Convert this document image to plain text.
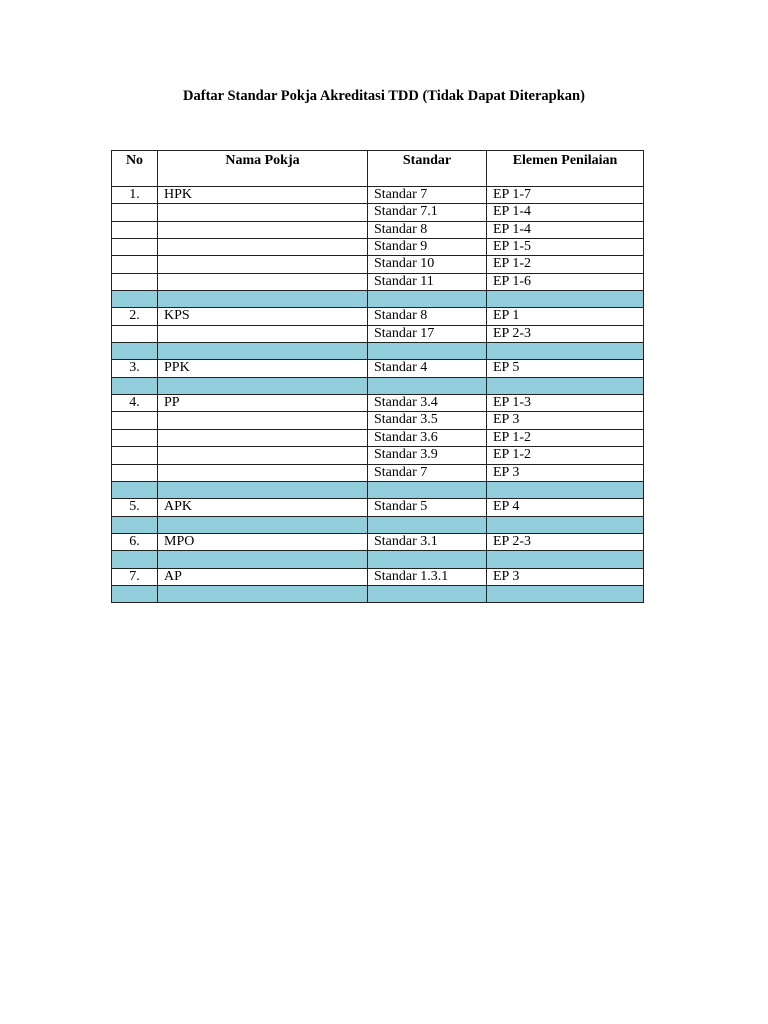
Daftar Standar Pokja Akreditasi TDD (Tidak Dapat Diterapkan)
No	Nama Pokja	Standar	Elemen Penilaian
1.	HPK	Standar 7	EP 1-7
		Standar 7.1	EP 1-4
		Standar 8	EP 1-4
		Standar 9	EP 1-5
		Standar 10	EP 1-2
		Standar 11	EP 1-6

2.	KPS	Standar 8	EP 1
		Standar 17	EP 2-3

3.	PPK	Standar 4	EP 5

4.	PP	Standar 3.4	EP 1-3
		Standar 3.5	EP 3
		Standar 3.6	EP 1-2
		Standar 3.9	EP 1-2
		Standar 7	EP 3

5.	APK	Standar 5	EP 4

6.	MPO	Standar 3.1	EP 2-3

7.	AP	Standar 1.3.1	EP 3
